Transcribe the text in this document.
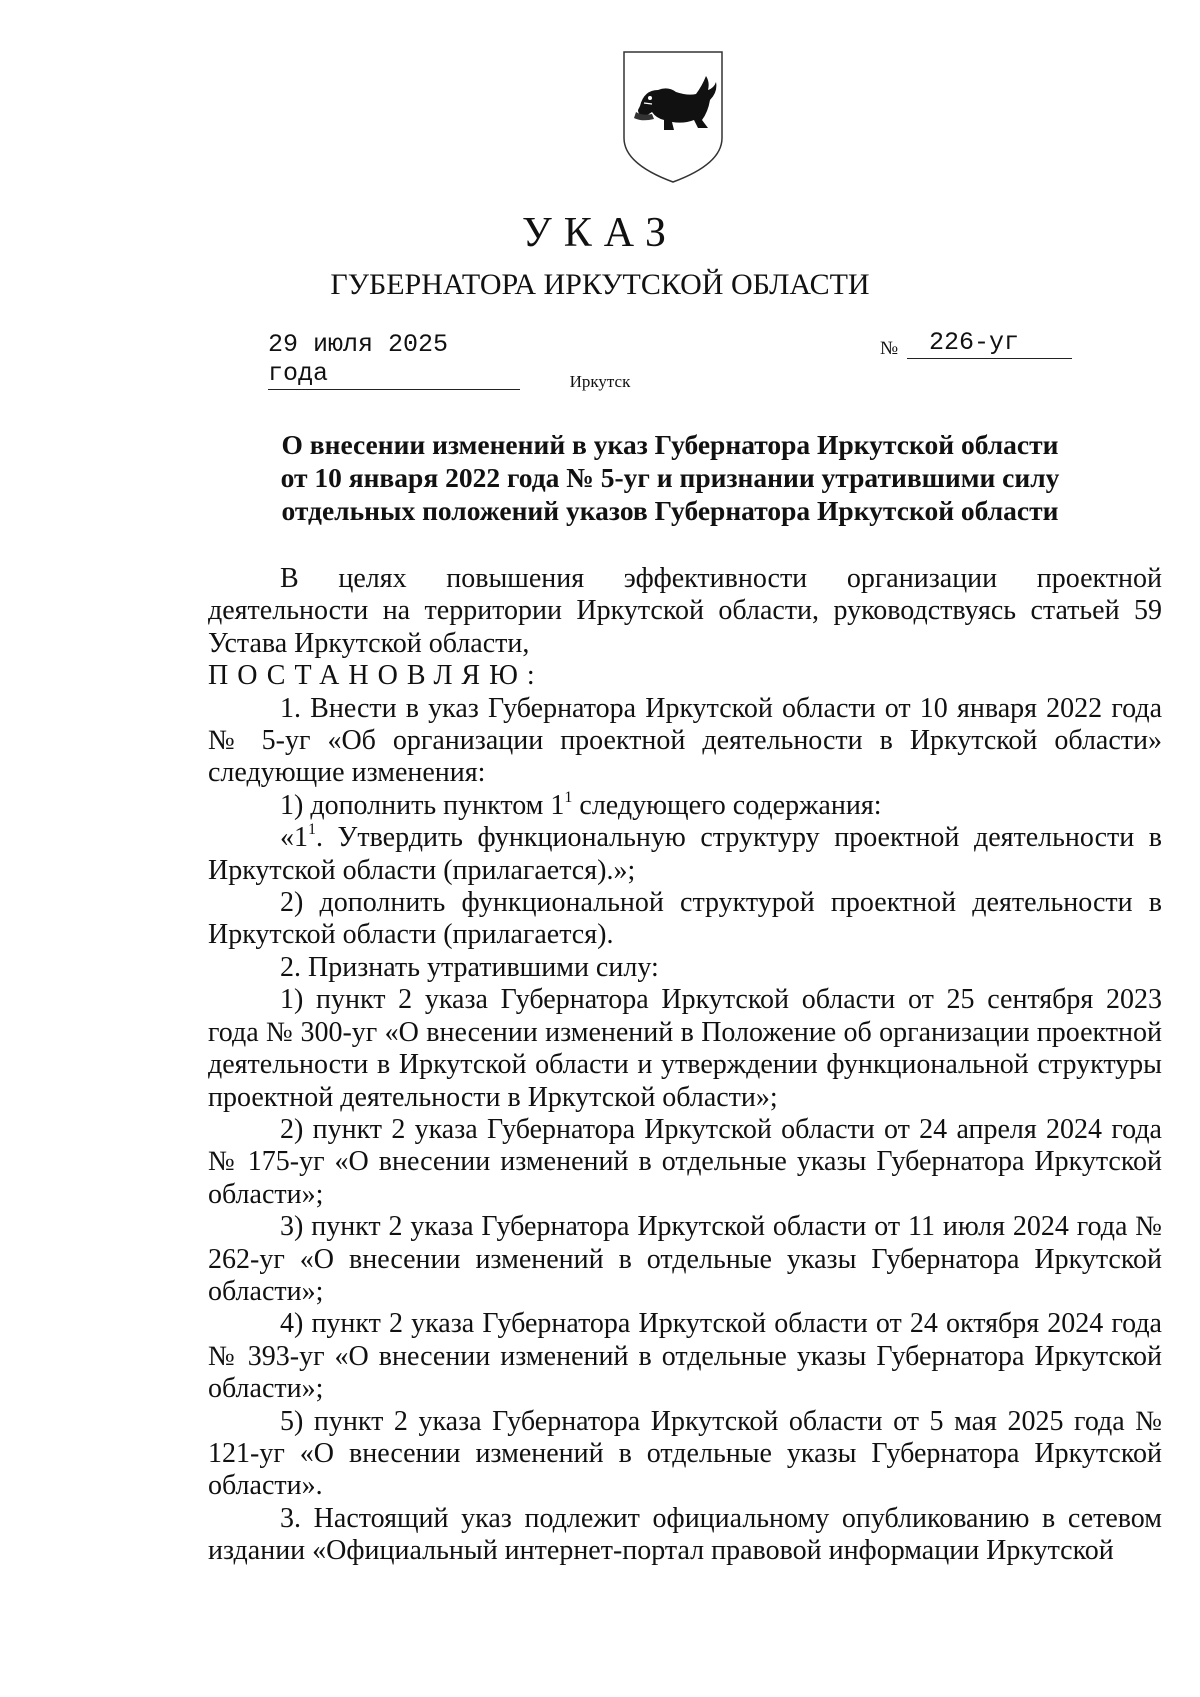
УКАЗ
ГУБЕРНАТОРА ИРКУТСКОЙ ОБЛАСТИ
29 июля 2025 года
№	226-уг
Иркутск
О внесении изменений в указ Губернатора Иркутской области
от 10 января 2022 года № 5-уг и признании утратившими силу
отдельных положений указов Губернатора Иркутской области

В целях повышения эффективности организации проектной деятельности на территории Иркутской области, руководствуясь статьей 59 Устава Иркутской области,

ПОСТАНОВЛЯЮ:

1. Внести в указ Губернатора Иркутской области от 10 января 2022 года № 5-уг «Об организации проектной деятельности в Иркутской области» следующие изменения:

1) дополнить пунктом $1^1$ следующего содержания:

«$1^1$. Утвердить функциональную структуру проектной деятельности в Иркутской области (прилагается).»;

2) дополнить функциональной структурой проектной деятельности в Иркутской области (прилагается).

2. Признать утратившими силу:

1) пункт 2 указа Губернатора Иркутской области от 25 сентября 2023 года № 300-уг «О внесении изменений в Положение об организации проектной деятельности в Иркутской области и утверждении функциональной структуры проектной деятельности в Иркутской области»;

2) пункт 2 указа Губернатора Иркутской области от 24 апреля 2024 года № 175-уг «О внесении изменений в отдельные указы Губернатора Иркутской области»;

3) пункт 2 указа Губернатора Иркутской области от 11 июля 2024 года № 262-уг «О внесении изменений в отдельные указы Губернатора Иркутской области»;

4) пункт 2 указа Губернатора Иркутской области от 24 октября 2024 года № 393-уг «О внесении изменений в отдельные указы Губернатора Иркутской области»;

5) пункт 2 указа Губернатора Иркутской области от 5 мая 2025 года № 121-уг «О внесении изменений в отдельные указы Губернатора Иркутской области».

3. Настоящий указ подлежит официальному опубликованию в сетевом издании «Официальный интернет-портал правовой информации Иркутской
